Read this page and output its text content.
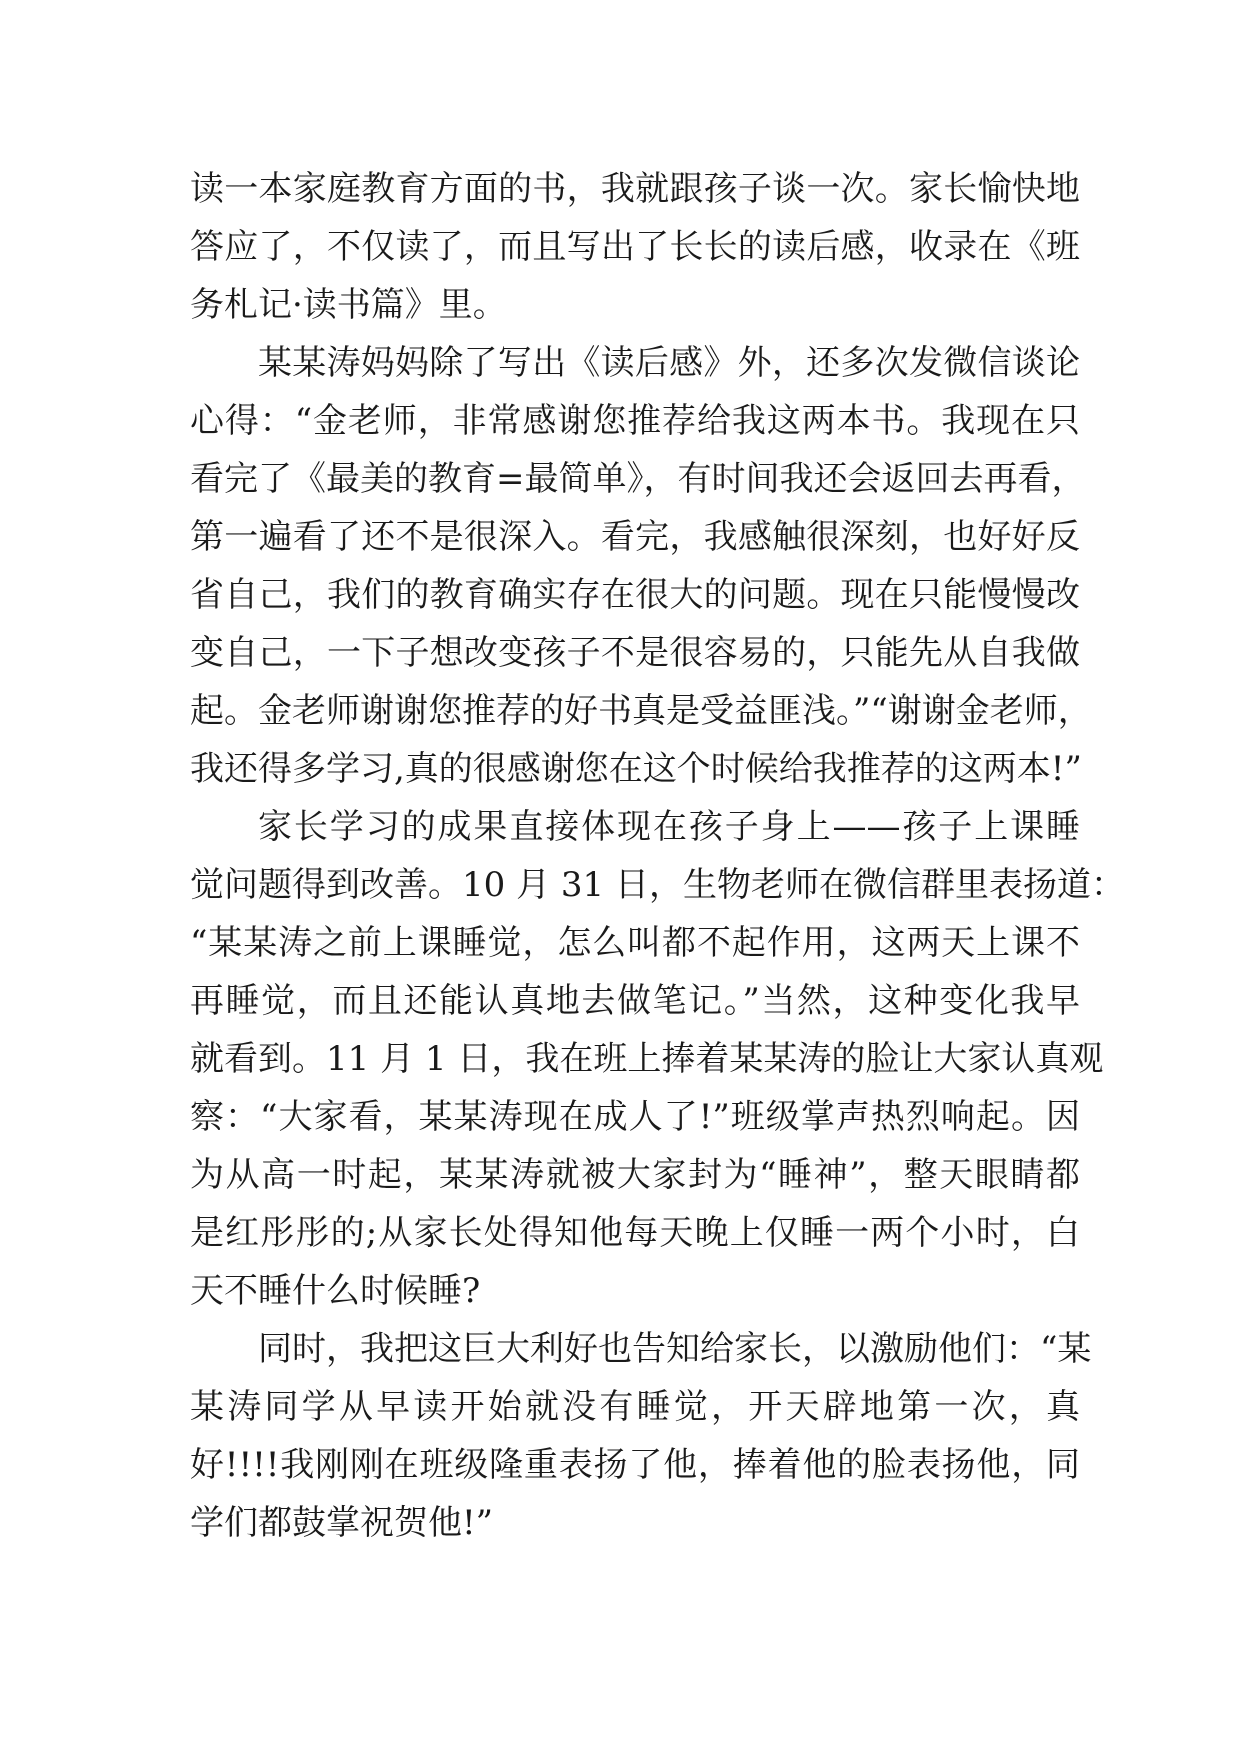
读一本家庭教育方面的书，我就跟孩子谈一次。家长愉快地
答应了，不仅读了，而且写出了长长的读后感，收录在《班
务札记·读书篇》里。
某某涛妈妈除了写出《读后感》外，还多次发微信谈论
心得：“金老师，非常感谢您推荐给我这两本书。我现在只
看完了《最美的教育=最简单》，有时间我还会返回去再看，
第一遍看了还不是很深入。看完，我感触很深刻，也好好反
省自己，我们的教育确实存在很大的问题。现在只能慢慢改
变自己，一下子想改变孩子不是很容易的，只能先从自我做
起。金老师谢谢您推荐的好书真是受益匪浅。”“谢谢金老师，
我还得多学习,真的很感谢您在这个时候给我推荐的这两本!”
家长学习的成果直接体现在孩子身上——孩子上课睡
觉问题得到改善。10 月 31 日，生物老师在微信群里表扬道：
“某某涛之前上课睡觉，怎么叫都不起作用，这两天上课不
再睡觉，而且还能认真地去做笔记。”当然，这种变化我早
就看到。11 月 1 日，我在班上捧着某某涛的脸让大家认真观
察：“大家看，某某涛现在成人了!”班级掌声热烈响起。因
为从高一时起，某某涛就被大家封为“睡神”，整天眼睛都
是红彤彤的;从家长处得知他每天晚上仅睡一两个小时，白
天不睡什么时候睡?
同时，我把这巨大利好也告知给家长，以激励他们：“某
某涛同学从早读开始就没有睡觉，开天辟地第一次，真
好!!!!我刚刚在班级隆重表扬了他，捧着他的脸表扬他，同
学们都鼓掌祝贺他!”
